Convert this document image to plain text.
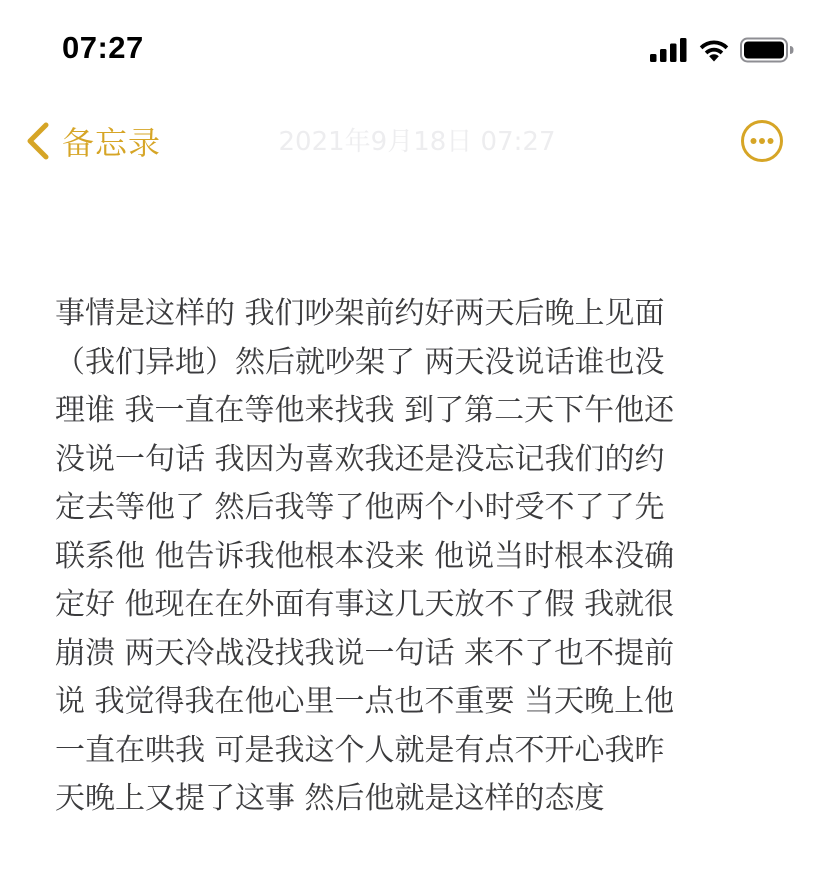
07:27
备忘录	2021年9月18日 07:27
事情是这样的 我们吵架前约好两天后晚上见面
（我们异地）然后就吵架了 两天没说话谁也没
理谁 我一直在等他来找我 到了第二天下午他还
没说一句话 我因为喜欢我还是没忘记我们的约
定去等他了 然后我等了他两个小时受不了了先
联系他 他告诉我他根本没来 他说当时根本没确
定好 他现在在外面有事这几天放不了假 我就很
崩溃 两天冷战没找我说一句话 来不了也不提前
说 我觉得我在他心里一点也不重要 当天晚上他
一直在哄我 可是我这个人就是有点不开心我昨
天晚上又提了这事 然后他就是这样的态度
